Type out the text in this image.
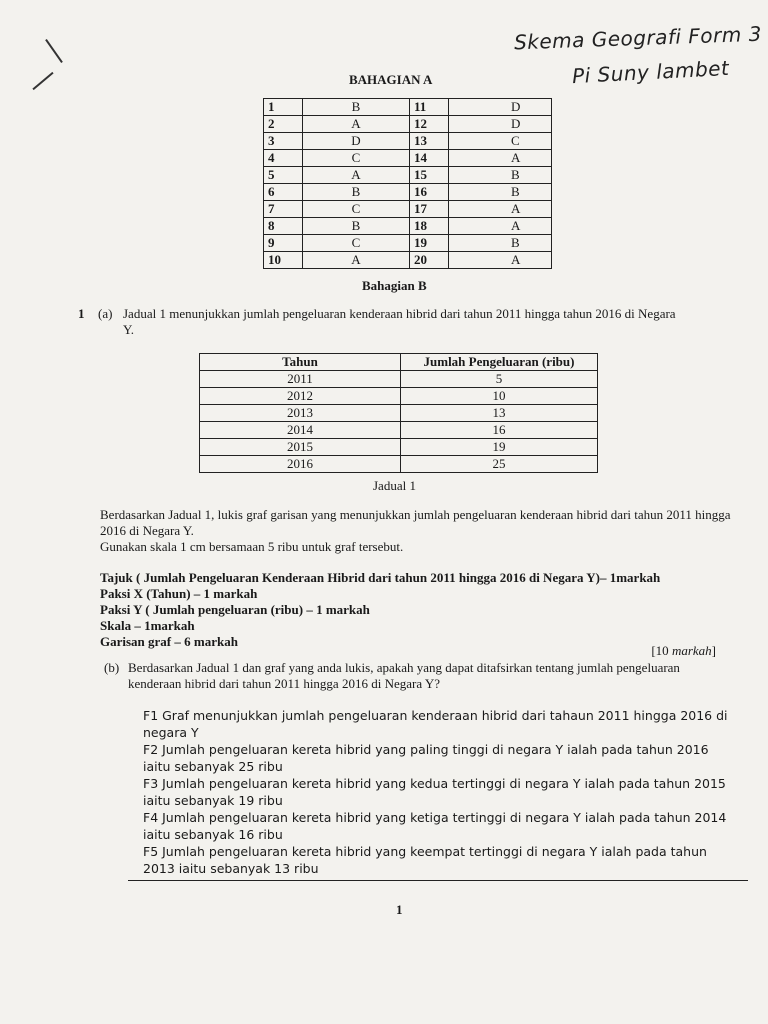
Skema Geografi Form 3
Pi Suny lambet
BAHAGIAN A
1	B	11	D
2	A	12	D
3	D	13	C
4	C	14	A
5	A	15	B
6	B	16	B
7	C	17	A
8	B	18	A
9	C	19	B
10	A	20	A
Bahagian B
1 (a) Jadual 1 menunjukkan jumlah pengeluaran kenderaan hibrid dari tahun 2011 hingga tahun 2016 di Negara Y.
Tahun	Jumlah Pengeluaran (ribu)
2011	5
2012	10
2013	13
2014	16
2015	19
2016	25
Jadual 1
Berdasarkan Jadual 1, lukis graf garisan yang menunjukkan jumlah pengeluaran kenderaan hibrid dari tahun 2011 hingga 2016 di Negara Y.
Gunakan skala 1 cm bersamaan 5 ribu untuk graf tersebut.
Tajuk ( Jumlah Pengeluaran Kenderaan Hibrid dari tahun 2011 hingga 2016 di Negara Y)– 1markah
Paksi X (Tahun) – 1 markah
Paksi Y ( Jumlah pengeluaran (ribu) – 1 markah
Skala – 1markah
Garisan graf – 6 markah
[10 markah]
(b) Berdasarkan Jadual 1 dan graf yang anda lukis, apakah yang dapat ditafsirkan tentang jumlah pengeluaran kenderaan hibrid dari tahun 2011 hingga 2016 di Negara Y?
F1 Graf menunjukkan jumlah pengeluaran kenderaan hibrid dari tahaun 2011 hingga 2016 di negara Y
F2 Jumlah pengeluaran kereta hibrid yang paling tinggi di negara Y ialah pada tahun 2016 iaitu sebanyak 25 ribu
F3 Jumlah pengeluaran kereta hibrid yang kedua tertinggi di negara Y ialah pada tahun 2015 iaitu sebanyak 19 ribu
F4 Jumlah pengeluaran kereta hibrid yang ketiga tertinggi di negara Y ialah pada tahun 2014 iaitu sebanyak 16 ribu
F5 Jumlah pengeluaran kereta hibrid yang keempat tertinggi di negara Y ialah pada tahun 2013 iaitu sebanyak 13 ribu
1
